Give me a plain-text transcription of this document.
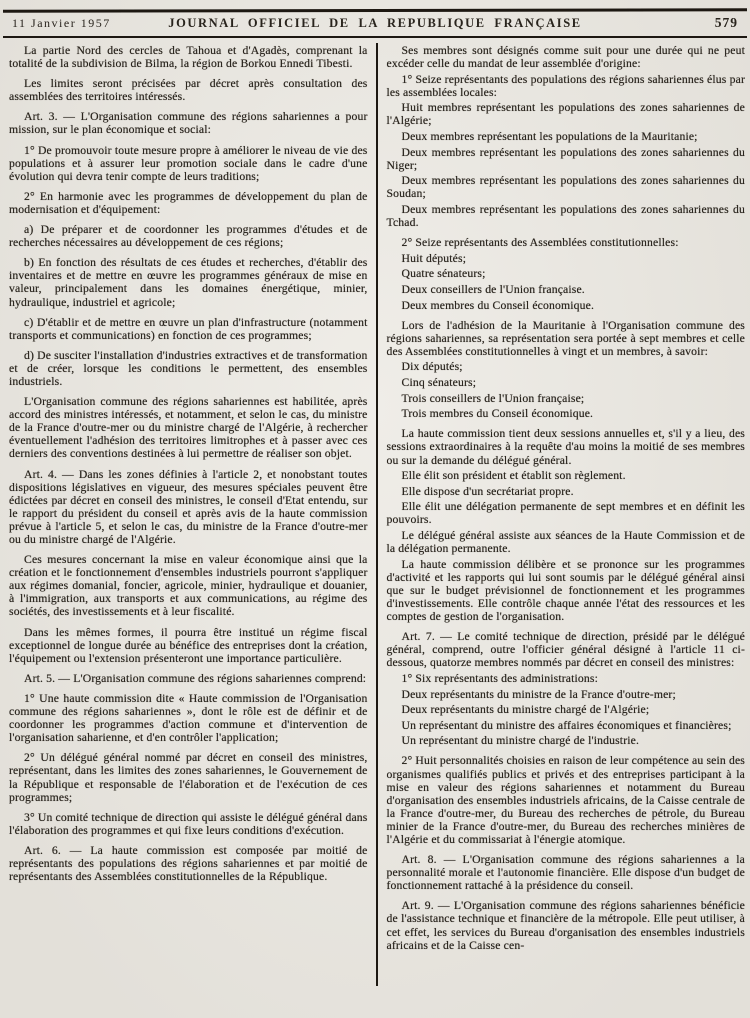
11 Janvier 1957	JOURNAL OFFICIEL DE LA REPUBLIQUE FRANÇAISE	579

La partie Nord des cercles de Tahoua et d'Agadès, comprenant la totalité de la subdivision de Bilma, la région de Borkou Ennedi Tibesti.

Les limites seront précisées par décret après consultation des assemblées des territoires intéressés.

Art. 3. — L'Organisation commune des régions sahariennes a pour mission, sur le plan économique et social:

1° De promouvoir toute mesure propre à améliorer le niveau de vie des populations et à assurer leur promotion sociale dans le cadre d'une évolution qui devra tenir compte de leurs traditions;

2° En harmonie avec les programmes de développement du plan de modernisation et d'équipement:

a) De préparer et de coordonner les programmes d'études et de recherches nécessaires au développement de ces régions;

b) En fonction des résultats de ces études et recherches, d'établir des inventaires et de mettre en œuvre les programmes généraux de mise en valeur, principalement dans les domaines énergétique, minier, hydraulique, industriel et agricole;

c) D'établir et de mettre en œuvre un plan d'infrastructure (notamment transports et communications) en fonction de ces programmes;

d) De susciter l'installation d'industries extractives et de transformation et de créer, lorsque les conditions le permettent, des ensembles industriels.

L'Organisation commune des régions sahariennes est habilitée, après accord des ministres intéressés, et notamment, et selon le cas, du ministre de la France d'outre-mer ou du ministre chargé de l'Algérie, à rechercher éventuellement l'adhésion des territoires limitrophes et à passer avec ces derniers des conventions destinées à lui permettre de réaliser son objet.

Art. 4. — Dans les zones définies à l'article 2, et nonobstant toutes dispositions législatives en vigueur, des mesures spéciales peuvent être édictées par décret en conseil des ministres, le conseil d'Etat entendu, sur le rapport du président du conseil et après avis de la haute commission prévue à l'article 5, et selon le cas, du ministre de la France d'outre-mer ou du ministre chargé de l'Algérie.

Ces mesures concernant la mise en valeur économique ainsi que la création et le fonctionnement d'ensembles industriels pourront s'appliquer aux régimes domanial, foncier, agricole, minier, hydraulique et douanier, à l'immigration, aux transports et aux communications, au régime des sociétés, des investissements et à leur fiscalité.

Dans les mêmes formes, il pourra être institué un régime fiscal exceptionnel de longue durée au bénéfice des entreprises dont la création, l'équipement ou l'extension présenteront une importance particulière.

Art. 5. — L'Organisation commune des régions sahariennes comprend:

1° Une haute commission dite « Haute commission de l'Organisation commune des régions sahariennes », dont le rôle est de définir et de coordonner les programmes d'action commune et d'intervention de l'organisation saharienne, et d'en contrôler l'application;

2° Un délégué général nommé par décret en conseil des ministres, représentant, dans les limites des zones sahariennes, le Gouvernement de la République et responsable de l'élaboration et de l'exécution de ces programmes;

3° Un comité technique de direction qui assiste le délégué général dans l'élaboration des programmes et qui fixe leurs conditions d'exécution.

Art. 6. — La haute commission est composée par moitié de représentants des populations des régions sahariennes et par moitié de représentants des Assemblées constitutionnelles de la République.

Ses membres sont désignés comme suit pour une durée qui ne peut excéder celle du mandat de leur assemblée d'origine:

1° Seize représentants des populations des régions sahariennes élus par les assemblées locales:

Huit membres représentant les populations des zones sahariennes de l'Algérie;

Deux membres représentant les populations de la Mauritanie;

Deux membres représentant les populations des zones sahariennes du Niger;

Deux membres représentant les populations des zones sahariennes du Soudan;

Deux membres représentant les populations des zones sahariennes du Tchad.

2° Seize représentants des Assemblées constitutionnelles:

Huit députés;

Quatre sénateurs;

Deux conseillers de l'Union française.

Deux membres du Conseil économique.

Lors de l'adhésion de la Mauritanie à l'Organisation commune des régions sahariennes, sa représentation sera portée à sept membres et celle des Assemblées constitutionnelles à vingt et un membres, à savoir:

Dix députés;

Cinq sénateurs;

Trois conseillers de l'Union française;

Trois membres du Conseil économique.

La haute commission tient deux sessions annuelles et, s'il y a lieu, des sessions extraordinaires à la requête d'au moins la moitié de ses membres ou sur la demande du délégué général.

Elle élit son président et établit son règlement.

Elle dispose d'un secrétariat propre.

Elle élit une délégation permanente de sept membres et en définit les pouvoirs.

Le délégué général assiste aux séances de la Haute Commission et de la délégation permanente.

La haute commission délibère et se prononce sur les programmes d'activité et les rapports qui lui sont soumis par le délégué général ainsi que sur le budget prévisionnel de fonctionnement et les programmes d'investissements. Elle contrôle chaque année l'état des ressources et les comptes de gestion de l'organisation.

Art. 7. — Le comité technique de direction, présidé par le délégué général, comprend, outre l'officier général désigné à l'article 11 ci-dessous, quatorze membres nommés par décret en conseil des ministres:

1° Six représentants des administrations:

Deux représentants du ministre de la France d'outre-mer;

Deux représentants du ministre chargé de l'Algérie;

Un représentant du ministre des affaires économiques et financières;

Un représentant du ministre chargé de l'industrie.

2° Huit personnalités choisies en raison de leur compétence au sein des organismes qualifiés publics et privés et des entreprises participant à la mise en valeur des régions sahariennes et notamment du Bureau d'organisation des ensembles industriels africains, de la Caisse centrale de la France d'outre-mer, du Bureau des recherches de pétrole, du Bureau minier de la France d'outre-mer, du Bureau des recherches minières de l'Algérie et du commissariat à l'énergie atomique.

Art. 8. — L'Organisation commune des régions sahariennes a la personnalité morale et l'autonomie financière. Elle dispose d'un budget de fonctionnement rattaché à la présidence du conseil.

Art. 9. — L'Organisation commune des régions sahariennes bénéficie de l'assistance technique et financière de la métropole. Elle peut utiliser, à cet effet, les services du Bureau d'organisation des ensembles industriels africains et de la Caisse cen-
